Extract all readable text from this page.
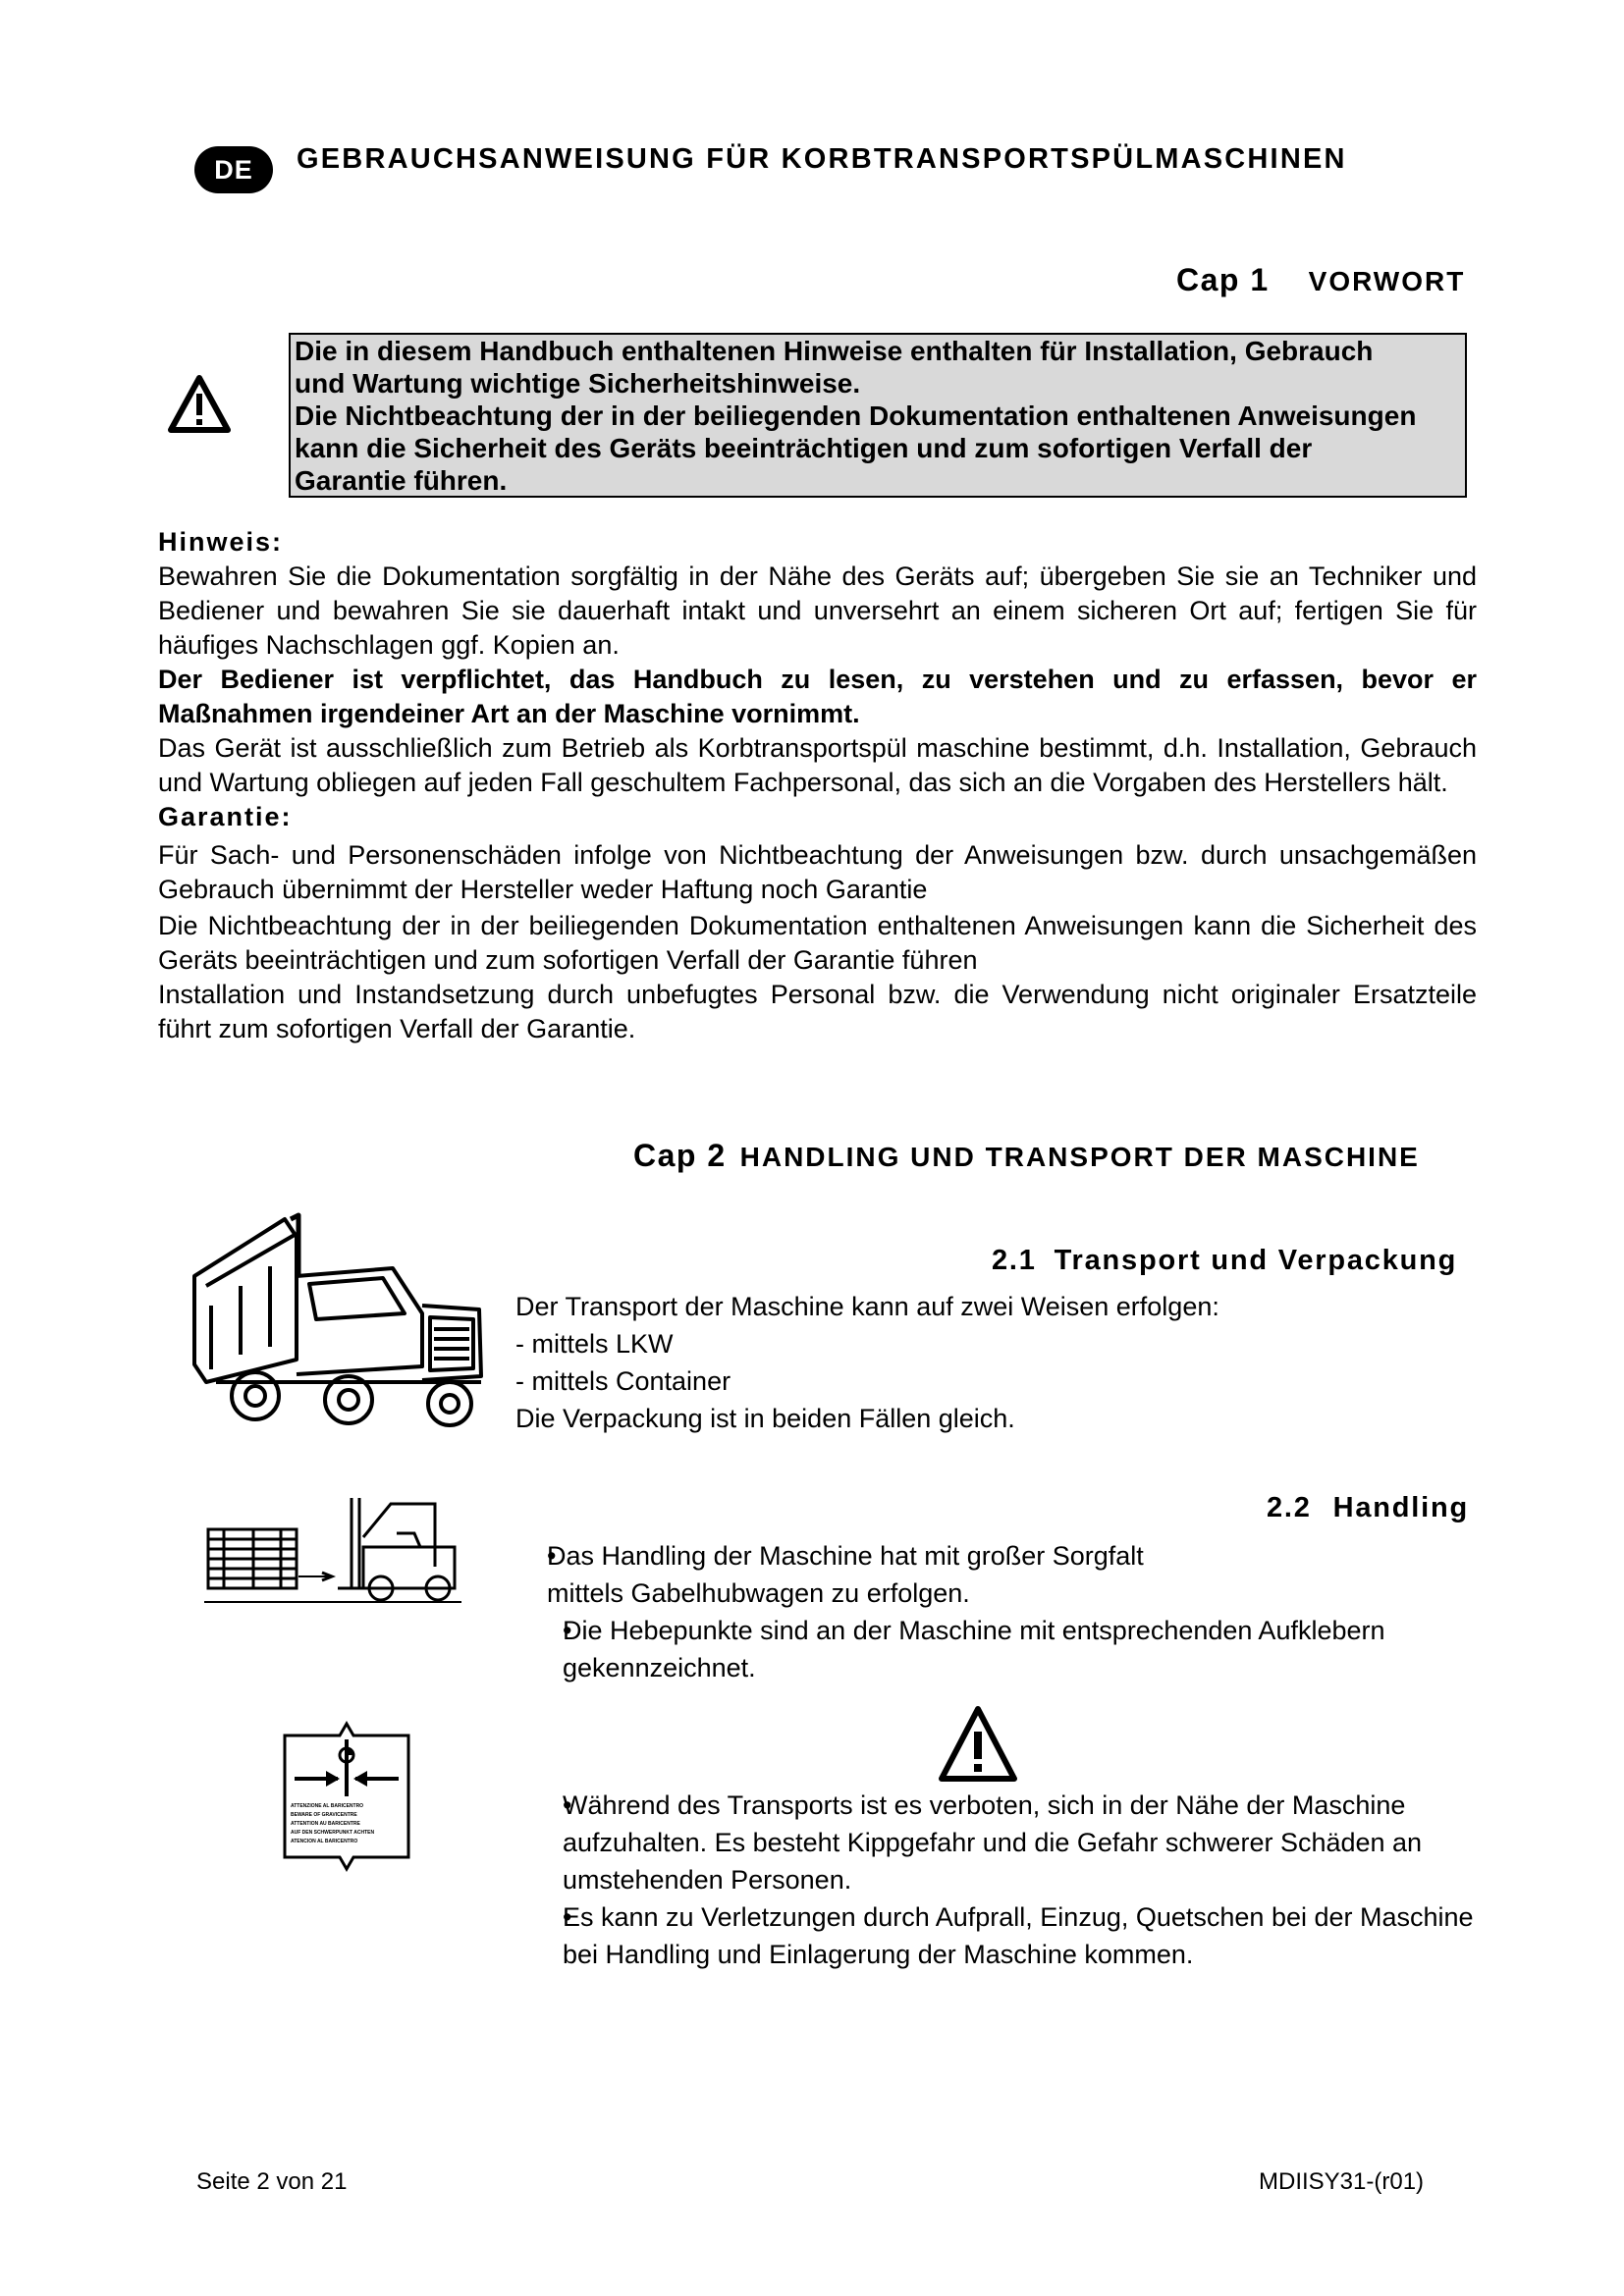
DE	GEBRAUCHSANWEISUNG FÜR KORBTRANSPORTSPÜLMASCHINEN
Cap 1 VORWORT

Die in diesem Handbuch enthaltenen Hinweise enthalten für Installation, Gebrauch

und Wartung wichtige Sicherheitshinweise.

Die Nichtbeachtung der in der beiliegenden Dokumentation enthaltenen Anweisungen

kann die Sicherheit des Geräts beeinträchtigen und zum sofortigen Verfall der

Garantie führen.

Hinweis:

Bewahren Sie die Dokumentation sorgfältig in der Nähe des Geräts auf; übergeben Sie sie an Techniker und Bediener und bewahren Sie sie dauerhaft intakt und unversehrt an einem sicheren Ort auf; fertigen Sie für häufiges Nachschlagen ggf. Kopien an.

Der Bediener ist verpflichtet, das Handbuch zu lesen, zu verstehen und zu erfassen, bevor er Maßnahmen irgendeiner Art an der Maschine vornimmt.

Das Gerät ist ausschließlich zum Betrieb als Korbtransportspül maschine bestimmt, d.h. Installation, Gebrauch und Wartung obliegen auf jeden Fall geschultem Fachpersonal, das sich an die Vorgaben des Herstellers hält.

Garantie:

Für Sach- und Personenschäden infolge von Nichtbeachtung der Anweisungen bzw. durch unsachgemäßen Gebrauch übernimmt der Hersteller weder Haftung noch Garantie

Die Nichtbeachtung der in der beiliegenden Dokumentation enthaltenen Anweisungen kann die Sicherheit des Geräts beeinträchtigen und zum sofortigen Verfall der Garantie führen

Installation und Instandsetzung durch unbefugtes Personal bzw. die Verwendung nicht originaler Ersatzteile führt zum sofortigen Verfall der Garantie.

Cap 2 HANDLING UND TRANSPORT DER MASCHINE
2.1 Transport und Verpackung

Der Transport der Maschine kann auf zwei Weisen erfolgen:

- mittels LKW

- mittels Container

Die Verpackung ist in beiden Fällen gleich.

2.2 Handling
• Das Handling der Maschine hat mit großer Sorgfalt mittels Gabelhubwagen zu erfolgen.
• Die Hebepunkte sind an der Maschine mit entsprechenden Aufklebern gekennzeichnet.
ATTENZIONE AL BARICENTRO
BEWARE OF GRAVICENTRE
ATTENTION AU BARICENTRE
AUF DEN SCHWERPUNKT ACHTEN
ATENCION AL BARICENTRO
• Während des Transports ist es verboten, sich in der Nähe der Maschine aufzuhalten. Es besteht Kippgefahr und die Gefahr schwerer Schäden an umstehenden Personen.
• Es kann zu Verletzungen durch Aufprall, Einzug, Quetschen bei der Maschine bei Handling und Einlagerung der Maschine kommen.
Seite 2 von 21	MDIISY31-(r01)
